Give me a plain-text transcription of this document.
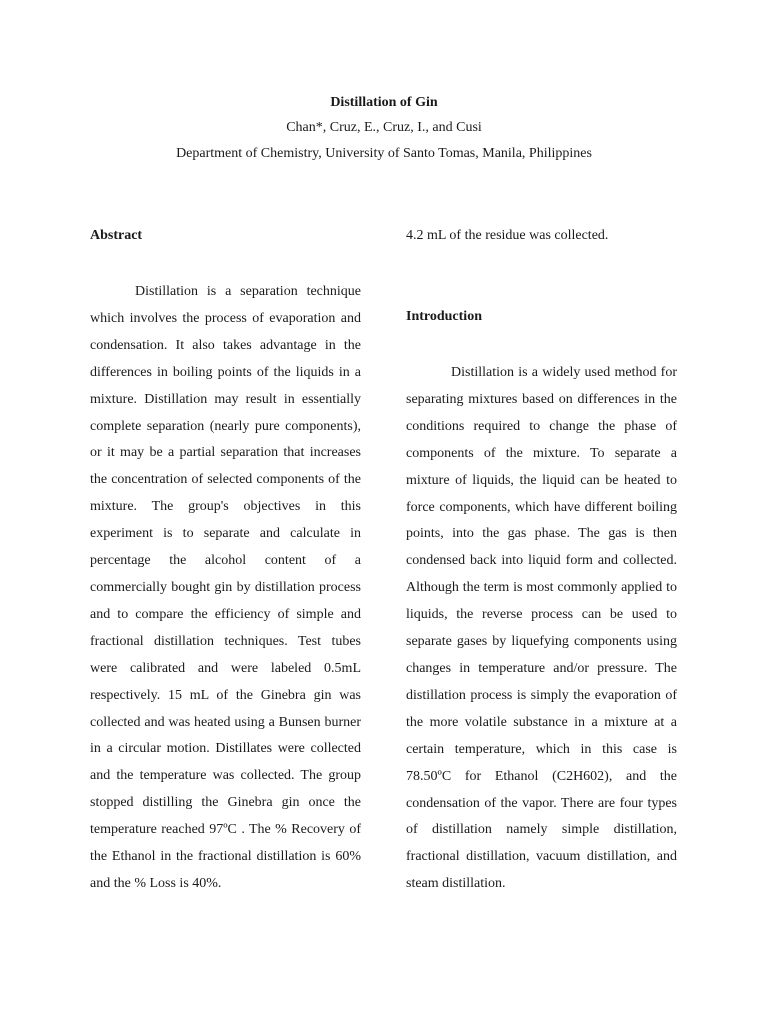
Distillation of Gin

Chan*, Cruz, E., Cruz, I., and Cusi

Department of Chemistry, University of Santo Tomas, Manila, Philippines

Abstract

Distillation is a separation technique which involves the process of evaporation and condensation. It also takes advantage in the differences in boiling points of the liquids in a mixture. Distillation may result in essentially complete separation (nearly pure components), or it may be a partial separation that increases the concentration of selected components of the mixture. The group's objectives in this experiment is to separate and calculate in percentage the alcohol content of a commercially bought gin by distillation process and to compare the efficiency of simple and fractional distillation techniques. Test tubes were calibrated and were labeled 0.5mL respectively. 15 mL of the Ginebra gin was collected and was heated using a Bunsen burner in a circular motion. Distillates were collected and the temperature was collected. The group stopped distilling the Ginebra gin once the temperature reached 97ºC . The % Recovery of the Ethanol in the fractional distillation is 60% and the % Loss is 40%.

4.2 mL of the residue was collected.

Introduction

Distillation is a widely used method for separating mixtures based on differences in the conditions required to change the phase of components of the mixture. To separate a mixture of liquids, the liquid can be heated to force components, which have different boiling points, into the gas phase. The gas is then condensed back into liquid form and collected. Although the term is most commonly applied to liquids, the reverse process can be used to separate gases by liquefying components using changes in temperature and/or pressure. The distillation process is simply the evaporation of the more volatile substance in a mixture at a certain temperature, which in this case is 78.50ºC for Ethanol (C2H602), and the condensation of the vapor. There are four types of distillation namely simple distillation, fractional distillation, vacuum distillation, and steam distillation.
